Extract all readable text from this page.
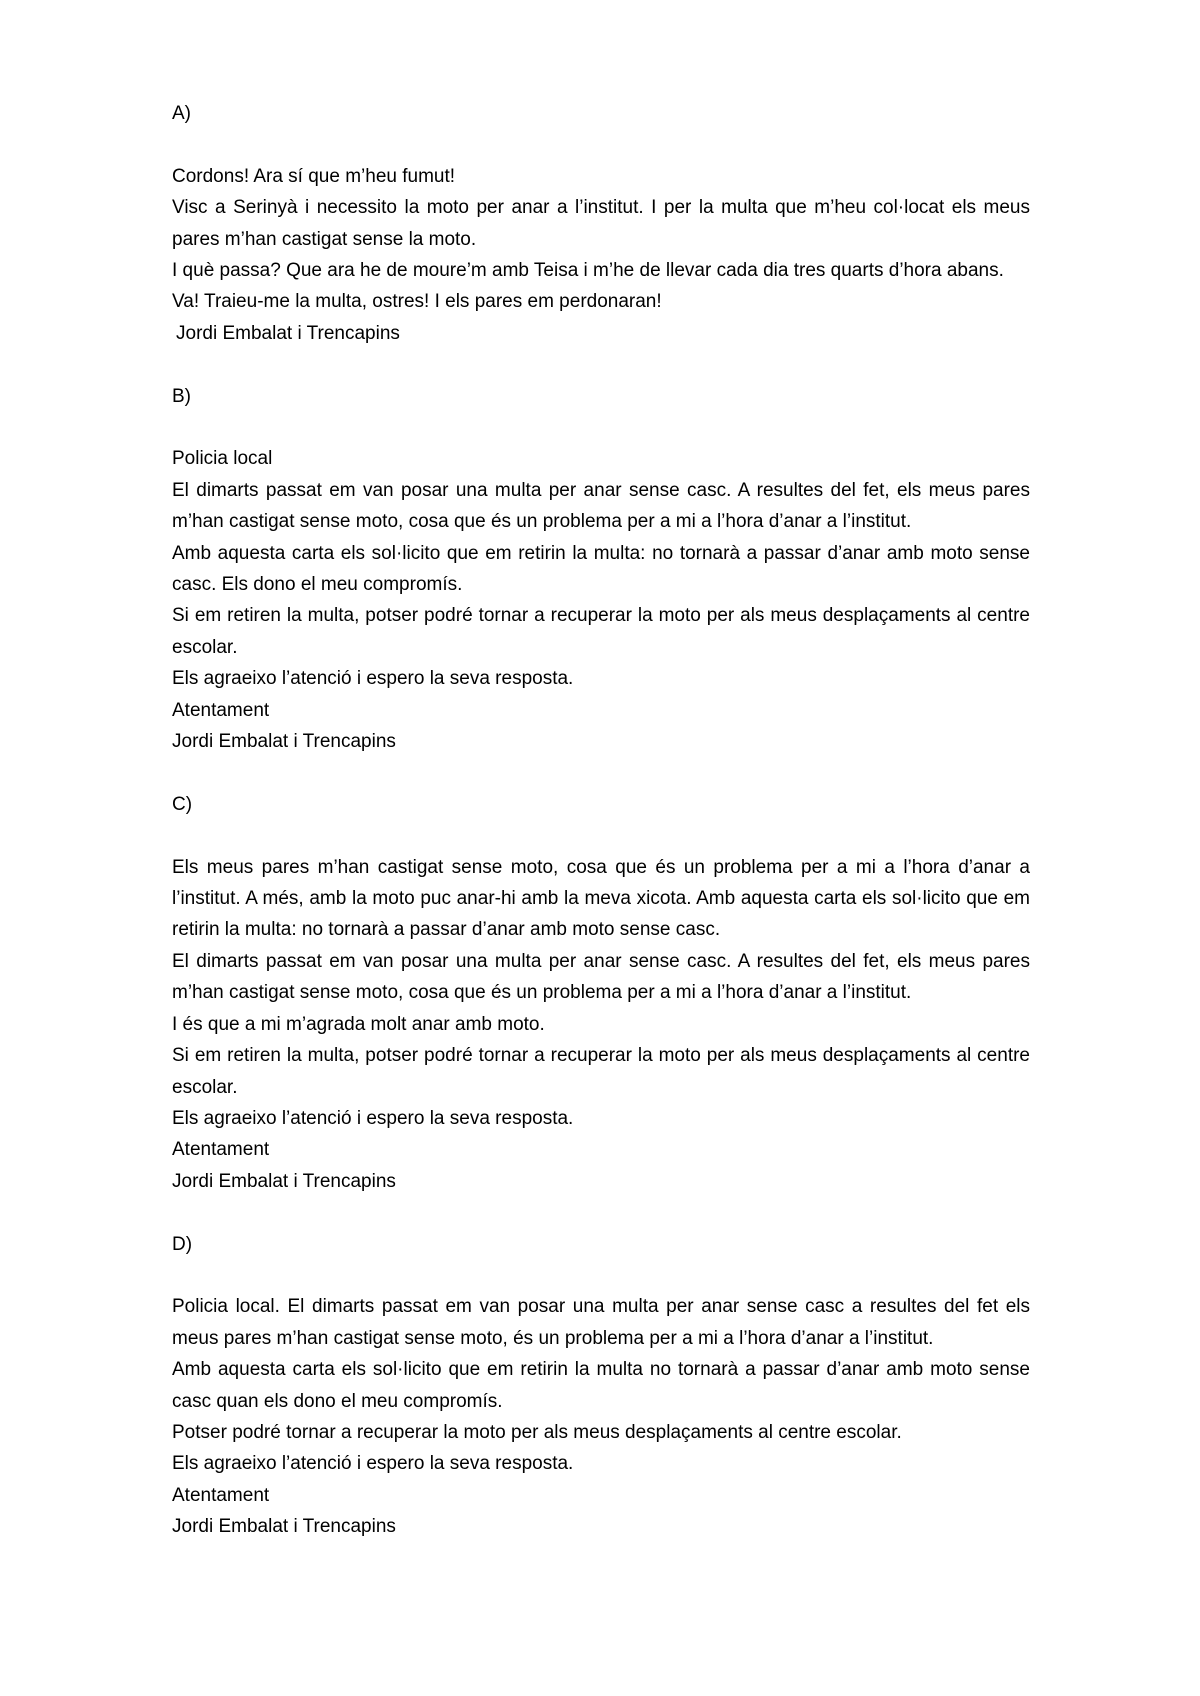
A)

Cordons! Ara sí que m’heu fumut!

Visc a Serinyà i necessito la moto per anar a l’institut. I per la multa que m’heu col·locat els meus pares m’han castigat sense la moto.

I què passa? Que ara he de moure’m amb Teisa i m’he de llevar cada dia tres quarts d’hora abans.

Va! Traieu-me la multa, ostres! I els pares em perdonaran!

Jordi Embalat i Trencapins

B)

Policia local

El dimarts passat em van posar una multa per anar sense casc. A resultes del fet, els meus pares m’han castigat sense moto, cosa que és un problema per a mi a l’hora d’anar a l’institut.

Amb aquesta carta els sol·licito que em retirin la multa: no tornarà a passar d’anar amb moto sense casc. Els dono el meu compromís.

Si em retiren la multa, potser podré tornar a recuperar la moto per als meus desplaçaments al centre escolar.

Els agraeixo l’atenció i espero la seva resposta.

Atentament

Jordi Embalat i Trencapins

C)

Els meus pares m’han castigat sense moto, cosa que és un problema per a mi a l’hora d’anar a l’institut. A més, amb la moto puc anar-hi amb la meva xicota. Amb aquesta carta els sol·licito que em retirin la multa: no tornarà a passar d’anar amb moto sense casc.

El dimarts passat em van posar una multa per anar sense casc. A resultes del fet, els meus pares m’han castigat sense moto, cosa que és un problema per a mi a l’hora d’anar a l’institut.

I és que a mi m’agrada molt anar amb moto.

Si em retiren la multa, potser podré tornar a recuperar la moto per als meus desplaçaments al centre escolar.

Els agraeixo l’atenció i espero la seva resposta.

Atentament

Jordi Embalat i Trencapins

D)

Policia local. El dimarts passat em van posar una multa per anar sense casc a resultes del fet els meus pares m’han castigat sense moto, és un problema per a mi a l’hora d’anar a l’institut.

Amb aquesta carta els sol·licito que em retirin la multa no tornarà a passar d’anar amb moto sense casc quan els dono el meu compromís.

Potser podré tornar a recuperar la moto per als meus desplaçaments al centre escolar.

Els agraeixo l’atenció i espero la seva resposta.

Atentament

Jordi Embalat i Trencapins
